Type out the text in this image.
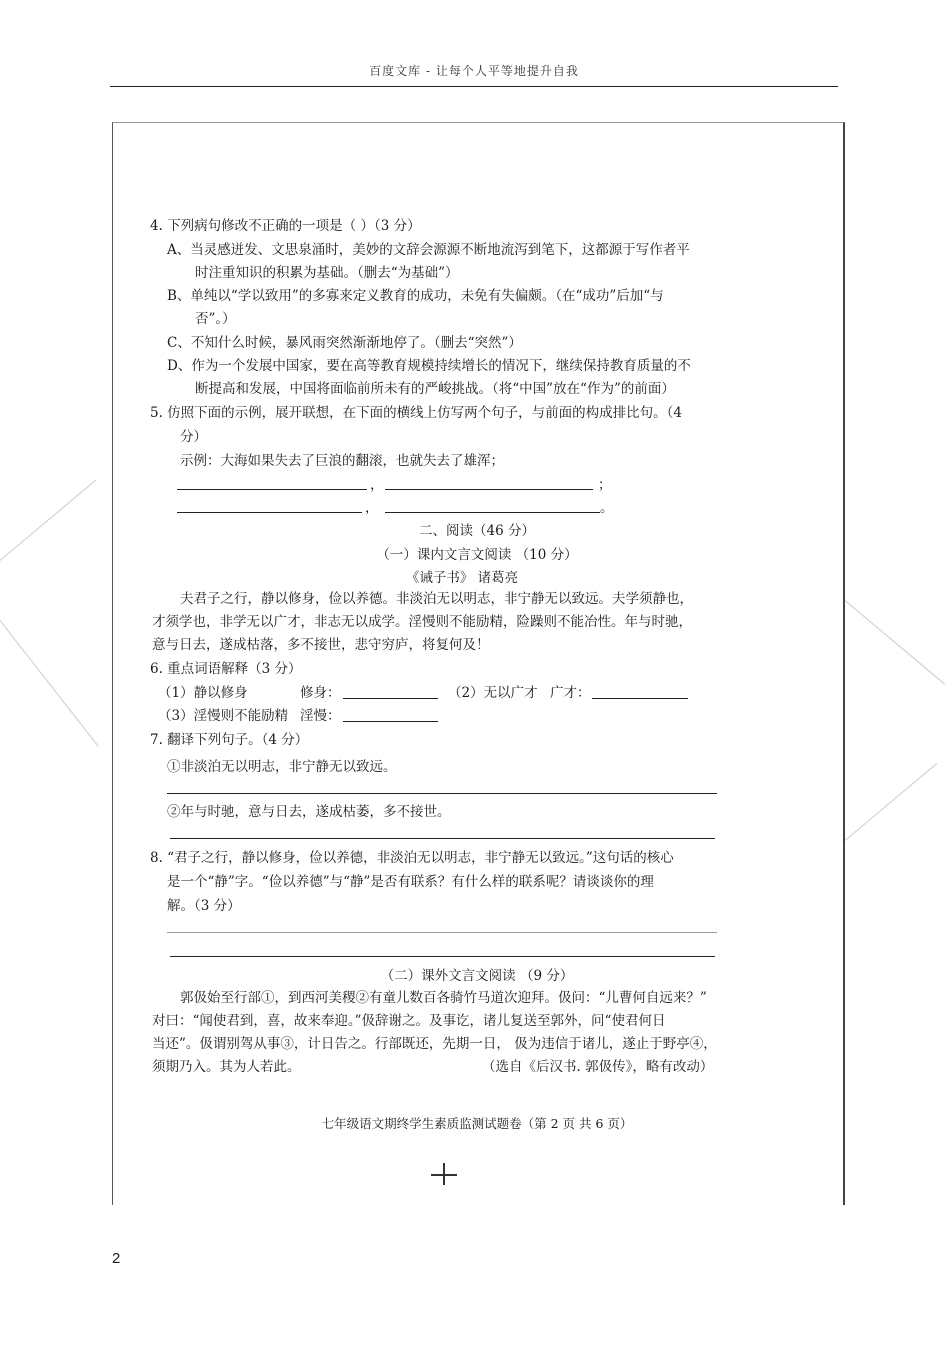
百度文库 - 让每个人平等地提升自我
4. 下列病句修改不正确的一项是（ ）（3 分）
A、当灵感迸发、文思泉涌时，美妙的文辞会源源不断地流泻到笔下，这都源于写作者平
时注重知识的积累为基础。（删去“为基础”）
B、单纯以“学以致用”的多寡来定义教育的成功，未免有失偏颇。（在“成功”后加“与
否”。）
C、不知什么时候，暴风雨突然渐渐地停了。（删去“突然”）
D、作为一个发展中国家，要在高等教育规模持续增长的情况下，继续保持教育质量的不
断提高和发展，中国将面临前所未有的严峻挑战。（将“中国”放在“作为”的前面）
5. 仿照下面的示例，展开联想，在下面的横线上仿写两个句子，与前面的构成排比句。（4
分）
示例：大海如果失去了巨浪的翻滚，也就失去了雄浑；
，	；
，	。
二、阅读（46 分）
（一）课内文言文阅读 （10 分）
《诫子书》 诸葛亮
夫君子之行，静以修身，俭以养德。非淡泊无以明志，非宁静无以致远。夫学须静也，
才须学也，非学无以广才，非志无以成学。淫慢则不能励精，险躁则不能冶性。年与时驰，
意与日去，遂成枯落，多不接世，悲守穷庐，将复何及！
6. 重点词语解释（3 分）
（1）静以修身	修身：	（2）无以广才 广才：
（3）淫慢则不能励精 淫慢：
7. 翻译下列句子。（4 分）
①非淡泊无以明志，非宁静无以致远。
②年与时驰，意与日去，遂成枯萎，多不接世。
8. “君子之行，静以修身，俭以养德，非淡泊无以明志，非宁静无以致远。”这句话的核心
是一个“静”字。“俭以养德”与“静”是否有联系？有什么样的联系呢？请谈谈你的理
解。（3 分）
（二）课外文言文阅读 （9 分）
郭伋始至行部①，到西河美稷②有童儿数百各骑竹马道次迎拜。伋问：“儿曹何自远来？”
对曰：“闻使君到，喜，故来奉迎。”伋辞谢之。及事讫，诸儿复送至郭外，问“使君何日
当还”。伋谓别驾从事③，计日告之。行部既还，先期一日， 伋为违信于诸儿，遂止于野亭④，
须期乃入。其为人若此。	（选自《后汉书. 郭伋传》，略有改动）
七年级语文期终学生素质监测试题卷（第 2 页 共 6 页）
2
